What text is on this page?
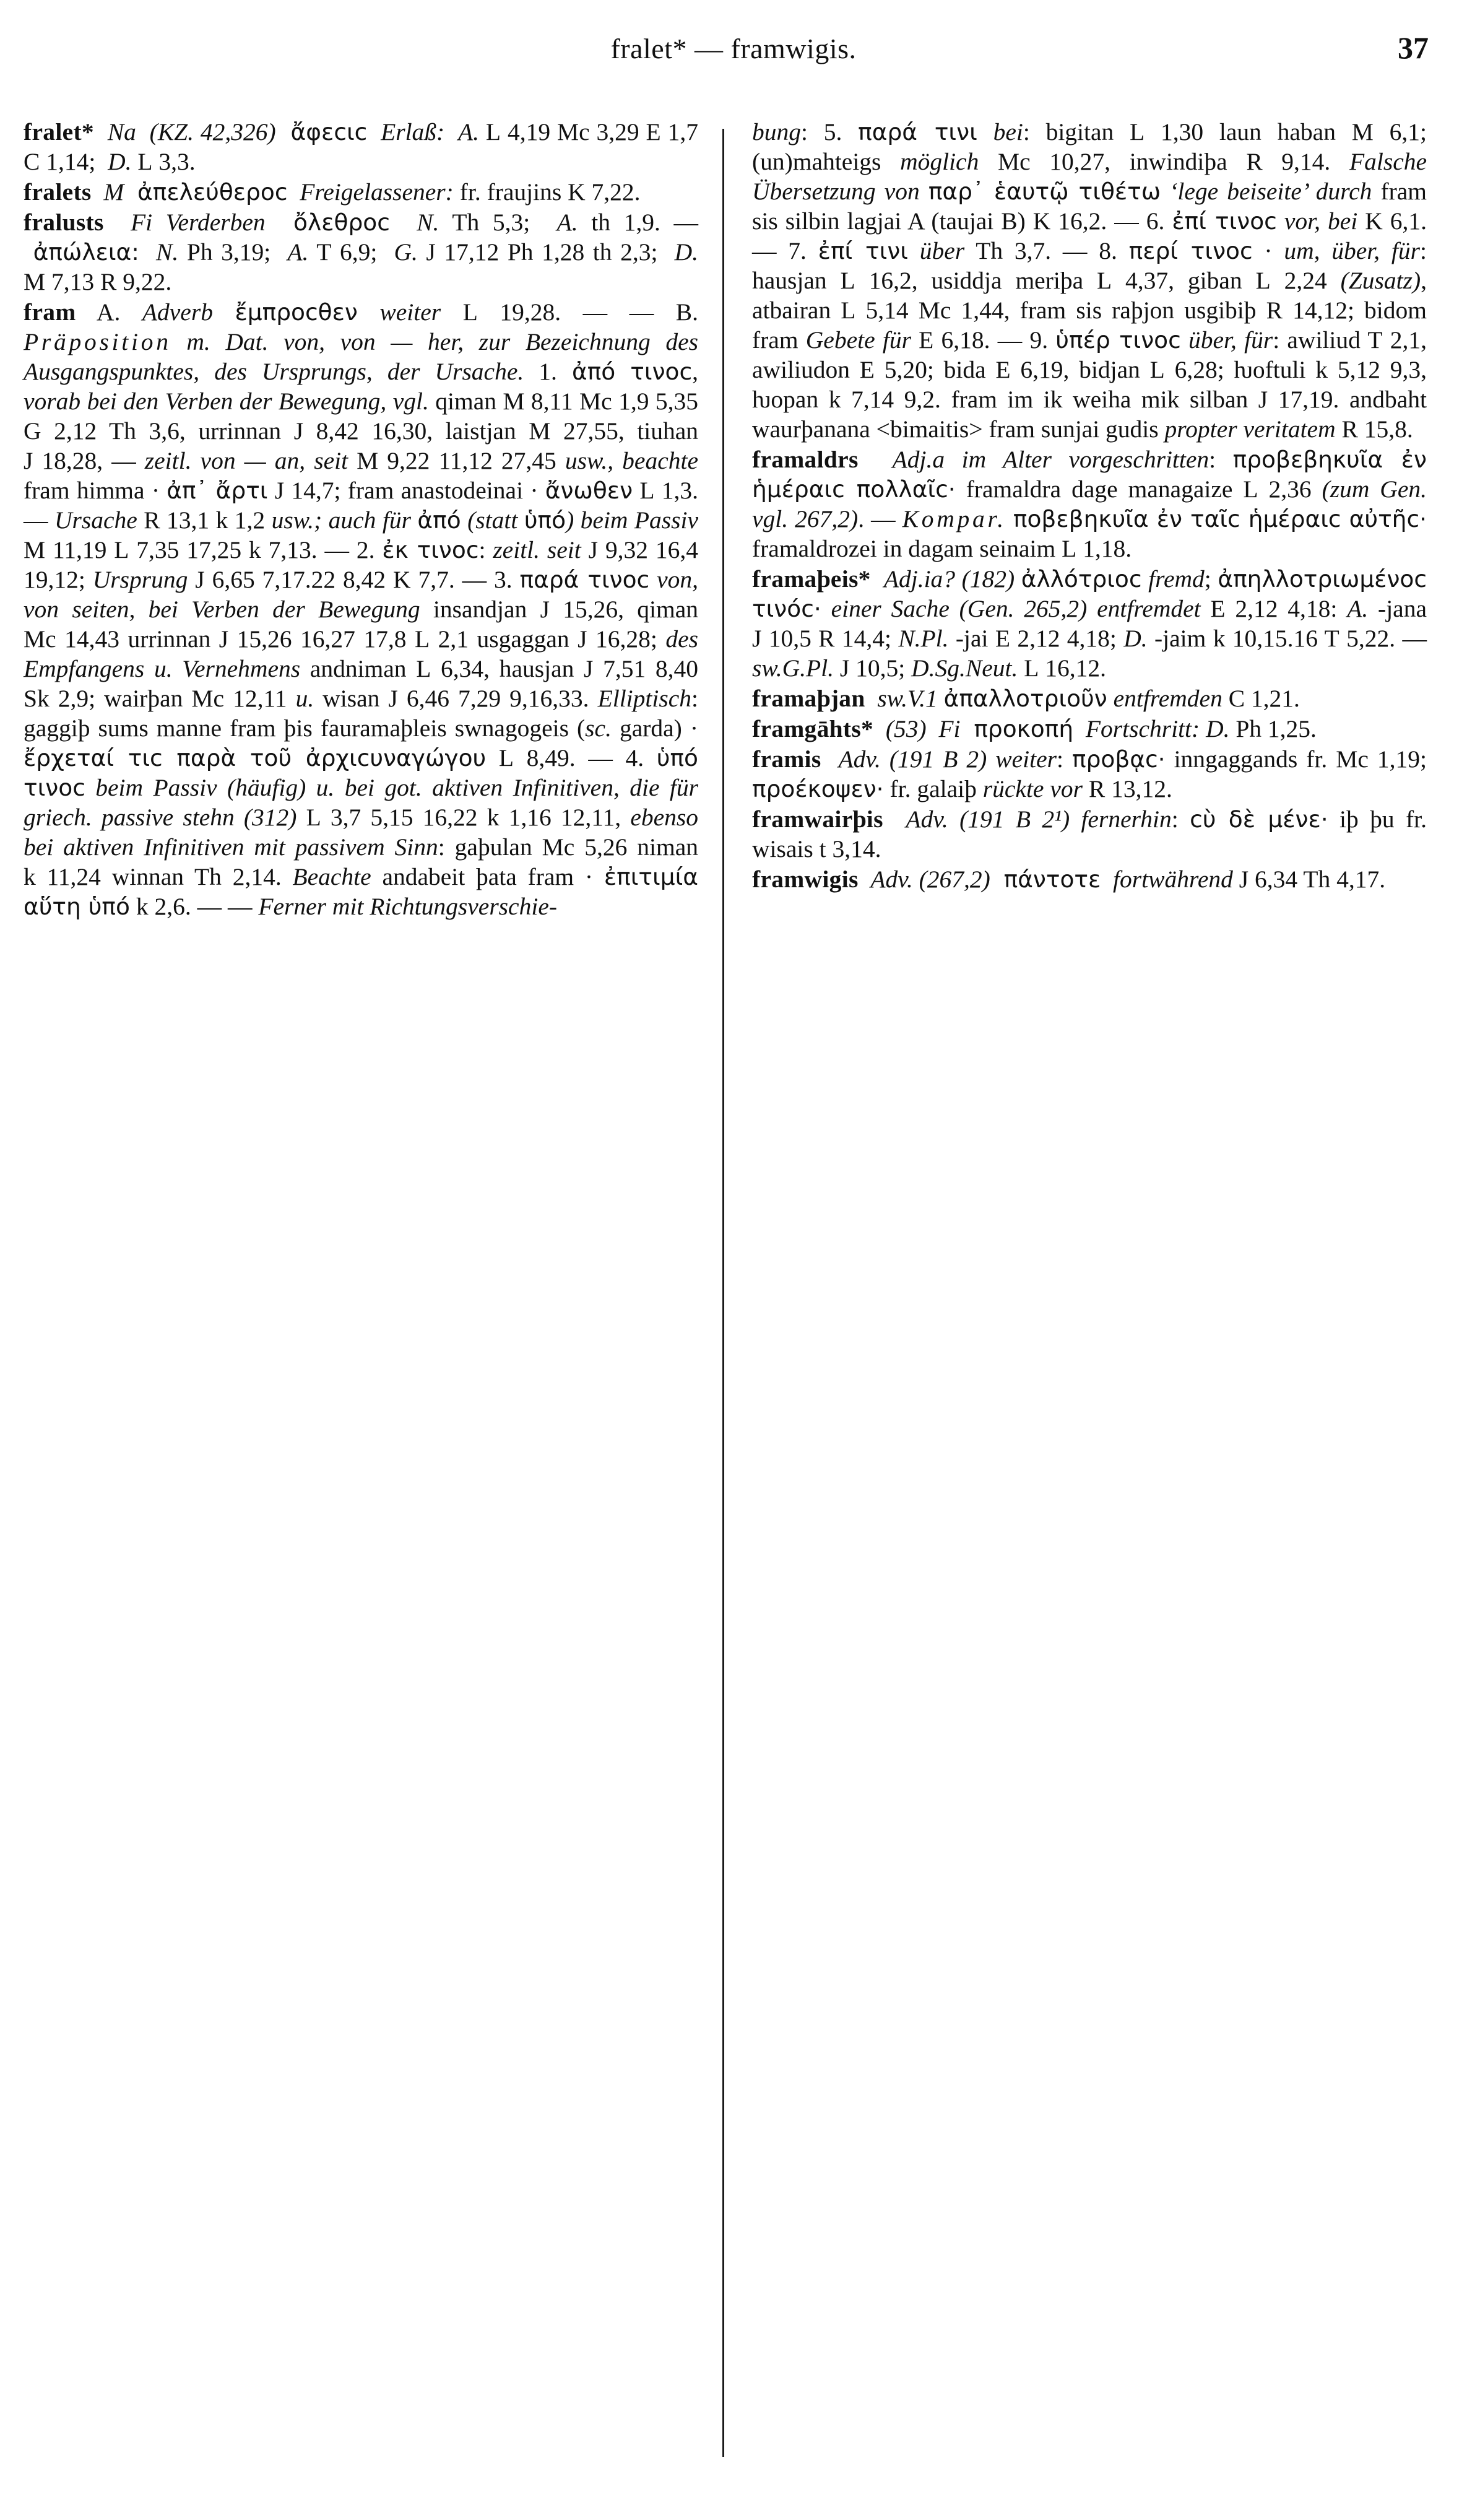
fralet* — framwigis.	37
fralet*  Na  (KZ. 42,326)  ἄφεcιc  Erlaß:  A. L 4,19 Mc 3,29 E 1,7 C 1,14;  D. L 3,3.
fralets  M  ἀπελεύθεροc  Freigelassener: fr. fraujins K 7,22.
fralusts  Fi Verderben  ὄλεθροc  N. Th 5,3;  A. th 1,9. —  ἀπώλεια:  N. Ph 3,19;  A. T 6,9;  G. J 17,12 Ph 1,28 th 2,3;  D. M 7,13 R 9,22.
fram A. Adverb ἔμπροcθεν weiter L 19,28. — — B. Präposition m. Dat. von, von — her, zur Bezeichnung des Ausgangspunktes, des Ursprungs, der Ursache. 1. ἀπό τινοc, vorab bei den Verben der Bewegung, vgl. qiman M 8,11 Mc 1,9 5,35 G 2,12 Th 3,6, urrinnan J 8,42 16,30, laistjan M 27,55, tiuhan J 18,28, — zeitl. von — an, seit M 9,22 11,12 27,45 usw., beachte fram himma · ἀπ᾽ ἄρτι J 14,7; fram anastodeinai · ἄνωθεν L 1,3. — Ursache R 13,1 k 1,2 usw.; auch für ἀπό (statt ὑπό) beim Passiv M 11,19 L 7,35 17,25 k 7,13. — 2. ἐκ τινοc: zeitl. seit J 9,32 16,4 19,12; Ursprung J 6,65 7,17.22 8,42 K 7,7. — 3. παρά τινοc von, von seiten, bei Verben der Bewegung insandjan J 15,26, qiman Mc 14,43 urrinnan J 15,26 16,27 17,8 L 2,1 usgaggan J 16,28; des Empfangens u. Vernehmens andniman L 6,34, hausjan J 7,51 8,40 Sk 2,9; wairþan Mc 12,11 u. wisan J 6,46 7,29 9,16,33. Elliptisch: gaggiþ sums manne fram þis fauramaþleis swnagogeis (sc. garda) · ἔρχεταί τιc παρὰ τοῦ ἀρχιcυναγώγου L 8,49. — 4. ὑπό τινοc beim Passiv (häufig) u. bei got. aktiven Infinitiven, die für griech. passive stehn (312) L 3,7 5,15 16,22 k 1,16 12,11, ebenso bei aktiven Infinitiven mit passivem Sinn: gaþulan Mc 5,26 niman k 11,24 winnan Th 2,14. Beachte andabeit þata fram · ἐπιτιμία αὕτη ὑπό k 2,6. — — Ferner mit Richtungsverschie-
bung: 5. παρά τινι bei: bigitan L 1,30 laun haban M 6,1; (un)mahteigs möglich Mc 10,27, inwindiþa R 9,14. Falsche Übersetzung von παρ᾽ ἑαυτῷ τιθέτω ‘lege beiseite’ durch fram sis silbin lagjai A (taujai B) K 16,2. — 6. ἐπί τινοc vor, bei K 6,1. — 7. ἐπί τινι über Th 3,7. — 8. περί τινοc · um, über, für: hausjan L 16,2, usiddja meriþa L 4,37, giban L 2,24 (Zusatz), atbairan L 5,14 Mc 1,44, fram sis raþjon usgibiþ R 14,12; bidom fram Gebete für E 6,18. — 9. ὑπέρ τινοc über, für: awiliud T 2,1, awiliudon E 5,20; bida E 6,19, bidjan L 6,28; ƕoftuli k 5,12 9,3, ƕopan k 7,14 9,2. fram im ik weiha mik silban J 17,19. andbaht waurþanana <bimaitis> fram sunjai gudis propter veritatem R 15,8.
framaldrs  Adj.a im Alter vorgeschritten: προβεβηκυῖα ἐν ἡμέραιc πολλαῖc· framaldra dage managaize L 2,36 (zum Gen. vgl. 267,2). — Kompar. ποβεβηκυῖα ἐν ταῖc ἡμέραιc αὐτῆc· framaldrozei in dagam seinaim L 1,18.
framaþeis*  Adj.ia? (182) ἀλλότριοc fremd; ἀπηλλοτριωμένοc τινόc· einer Sache (Gen. 265,2) entfremdet E 2,12 4,18: A. -jana J 10,5 R 14,4; N.Pl. -jai E 2,12 4,18; D. -jaim k 10,15.16 T 5,22. — sw.G.Pl. J 10,5; D.Sg.Neut. L 16,12.
framaþjan  sw.V.1 ἀπαλλοτριοῦν entfremden C 1,21.
framgāhts*  (53) Fi  προκοπή  Fortschritt: D. Ph 1,25.
framis  Adv. (191 B 2) weiter: προβᾳc· inngaggands fr. Mc 1,19; προέκοψεν· fr. galaiþ rückte vor R 13,12.
framwairþis  Adv. (191 B 2¹) fernerhin: cὺ δὲ μένε· iþ þu fr. wisais t 3,14.
framwigis  Adv. (267,2)  πάντοτε  fortwährend J 6,34 Th 4,17.
